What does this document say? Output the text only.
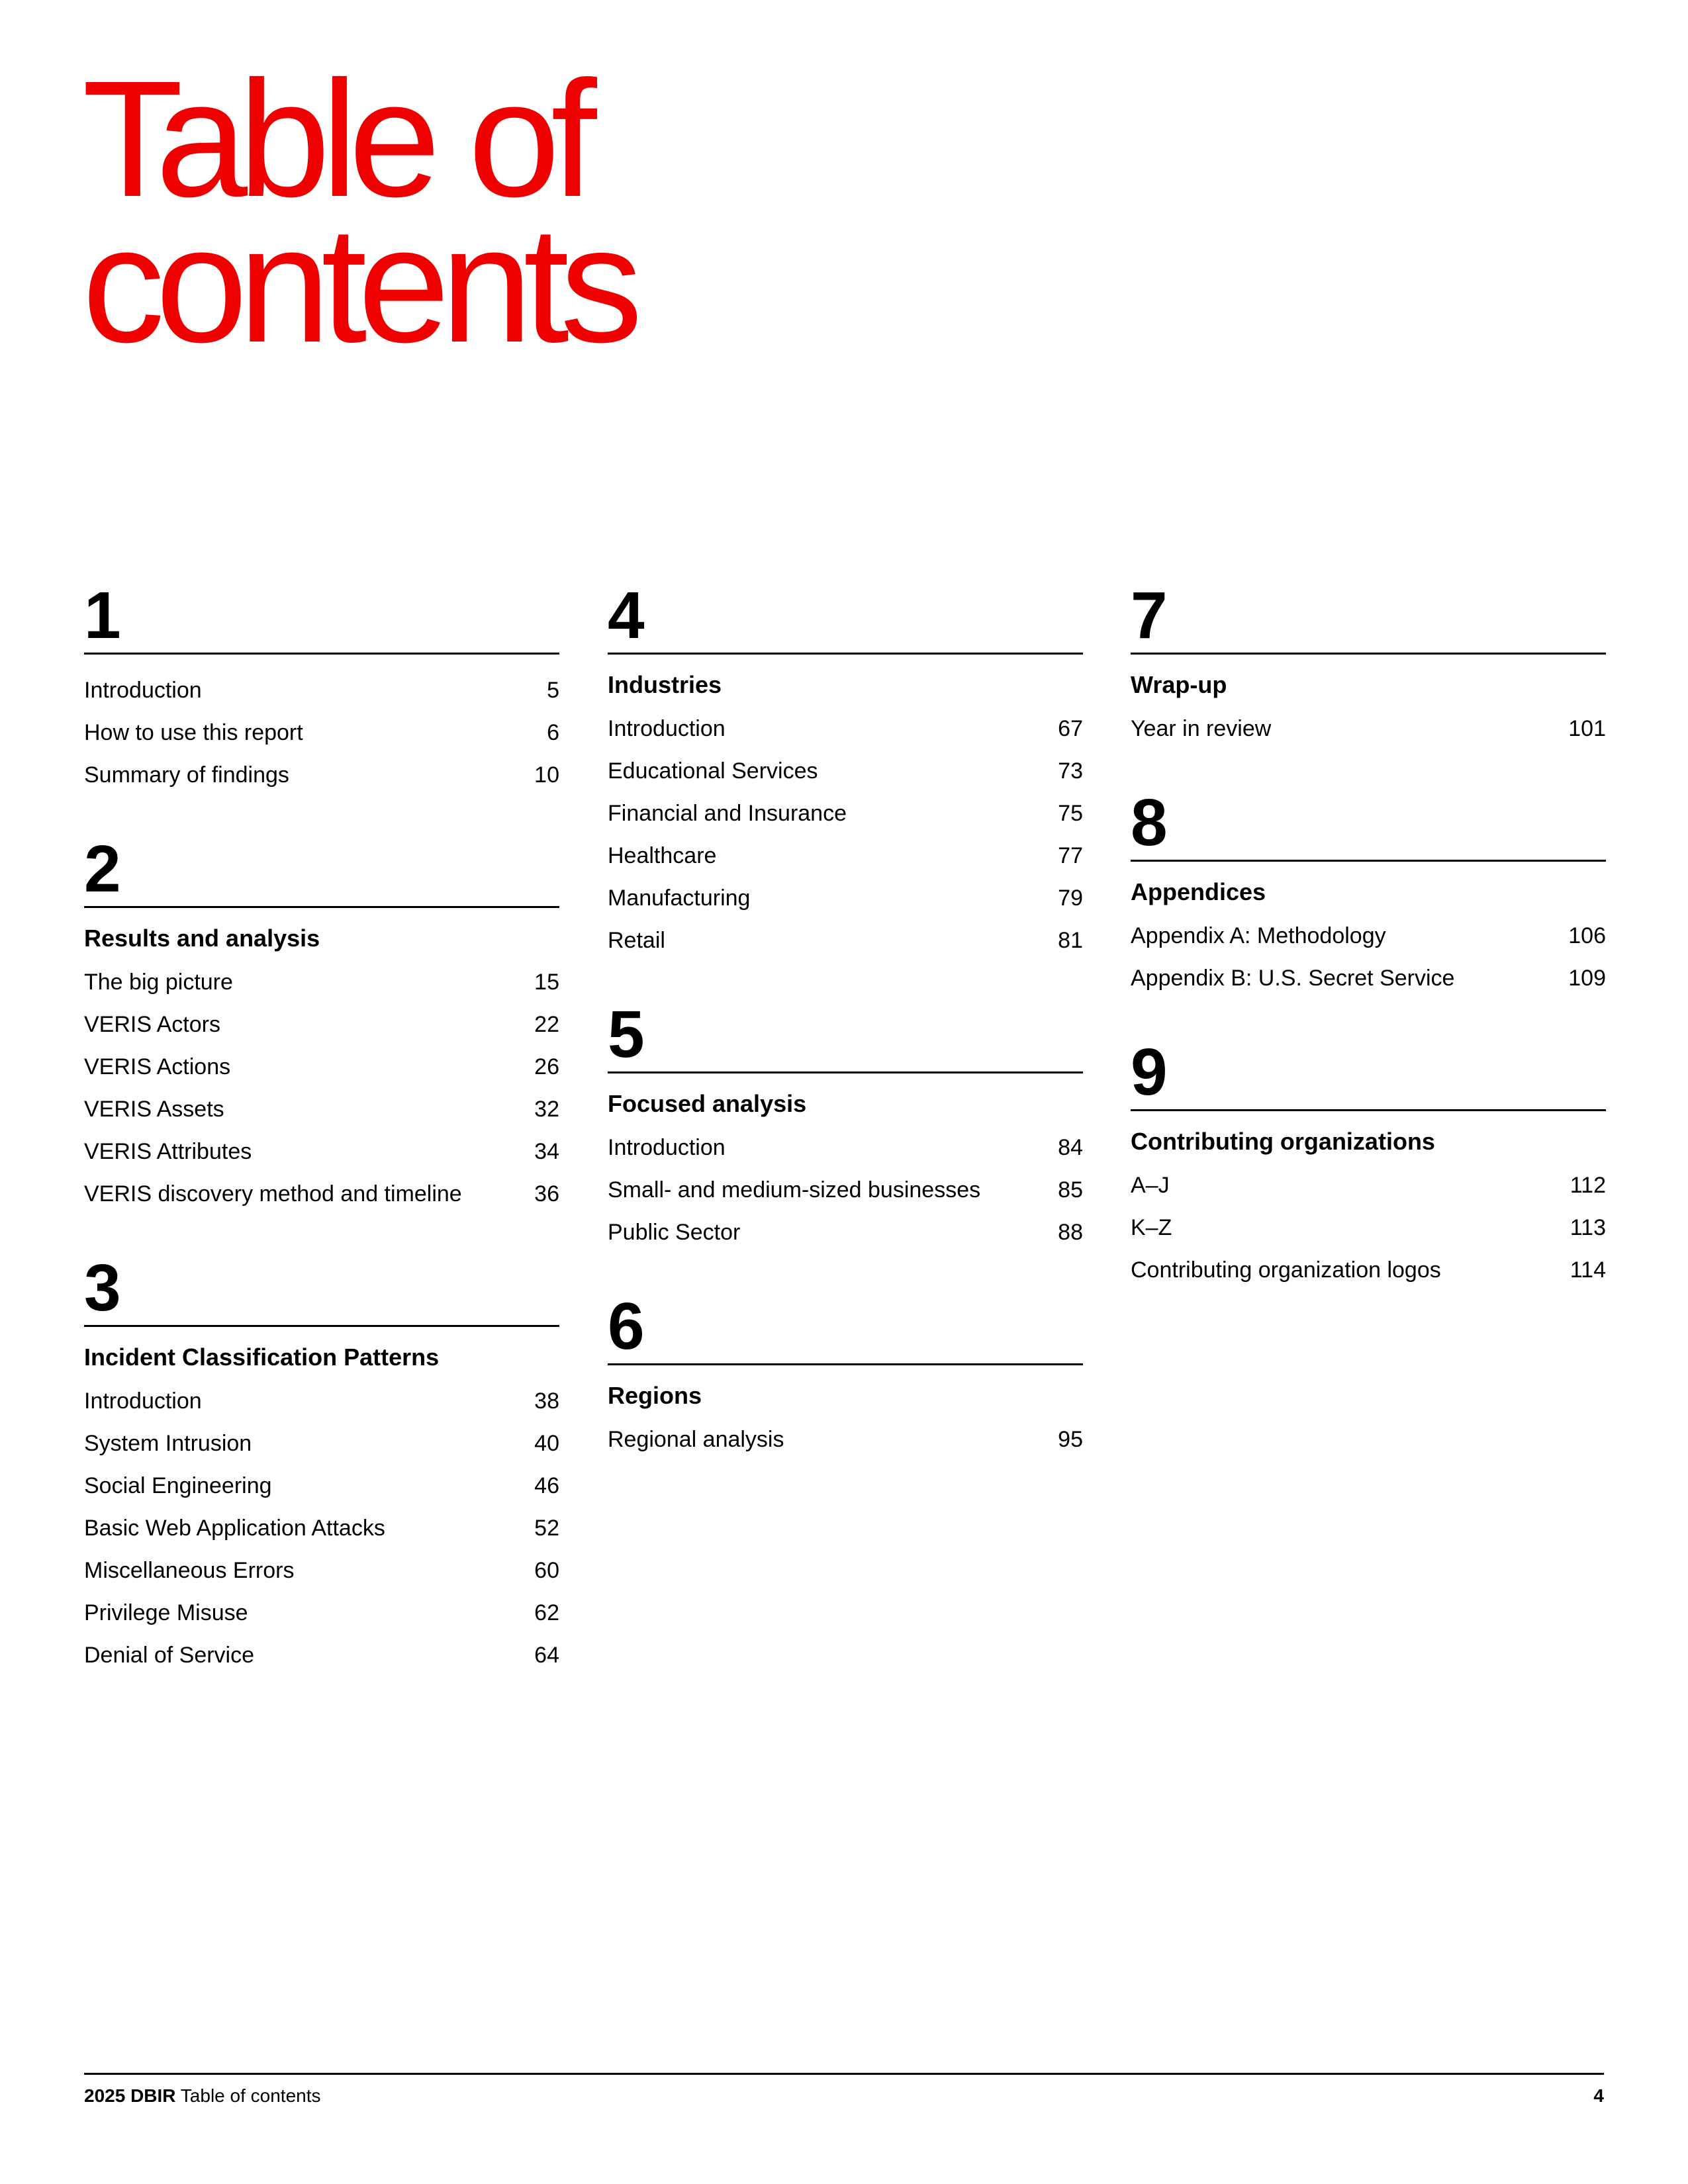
Table of
contents
1
Introduction	5
How to use this report	6
Summary of findings	10
2
Results and analysis
The big picture	15
VERIS Actors	22
VERIS Actions	26
VERIS Assets	32
VERIS Attributes	34
VERIS discovery method and timeline	36
3
Incident Classification Patterns
Introduction	38
System Intrusion	40
Social Engineering	46
Basic Web Application Attacks	52
Miscellaneous Errors	60
Privilege Misuse	62
Denial of Service	64
4
Industries
Introduction	67
Educational Services	73
Financial and Insurance	75
Healthcare	77
Manufacturing	79
Retail	81
5
Focused analysis
Introduction	84
Small- and medium-sized businesses	85
Public Sector	88
6
Regions
Regional analysis	95
7
Wrap-up
Year in review	101
8
Appendices
Appendix A: Methodology	106
Appendix B: U.S. Secret Service	109
9
Contributing organizations
A–J	112
K–Z	113
Contributing organization logos	114
2025 DBIR Table of contents	4
